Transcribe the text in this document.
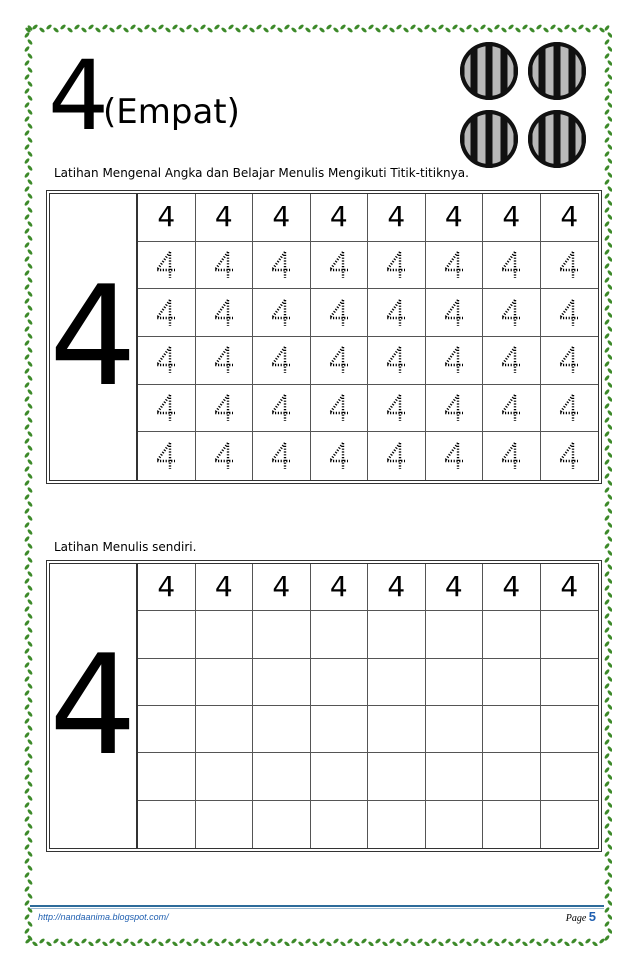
4
(Empat)
Latihan Mengenal Angka dan Belajar Menulis Mengikuti Titik-titiknya.
4
4 4 4 4 4 4 4 4
Latihan Menulis sendiri.
4
4 4 4 4 4 4 4 4
http://nandaanima.blogspot.com/	Page 5
